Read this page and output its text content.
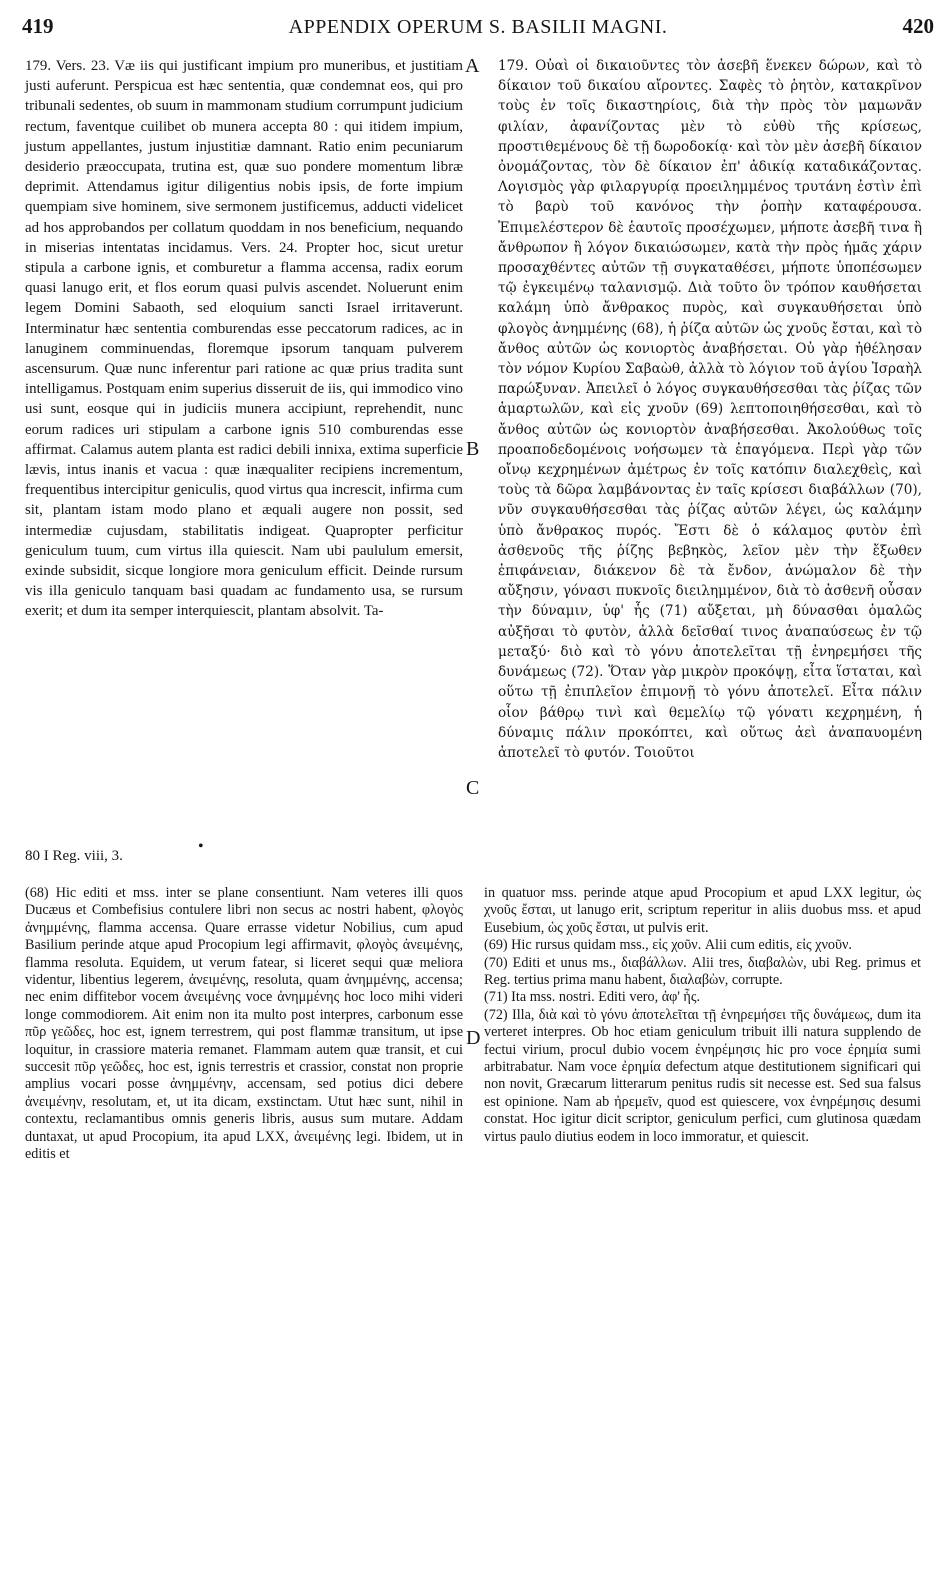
419	APPENDIX OPERUM S. BASILII MAGNI.	420

179. Vers. 23. Væ iis qui justificant impium pro muneribus, et justitiam justi auferunt. Perspicua est hæc sententia, quæ condemnat eos, qui pro tribunali sedentes, ob suum in mammonam studium corrumpunt judicium rectum, faventque cuilibet ob munera accepta 80 : qui itidem impium, justum appellantes, justum injustitiæ damnant. Ratio enim pecuniarum desiderio præoccupata, trutina est, quæ suo pondere momentum libræ deprimit. Attendamus igitur diligentius nobis ipsis, de forte impium quempiam sive hominem, sive sermonem justificemus, adducti videlicet ad hos approbandos per collatum quoddam in nos beneficium, nequando in miserias intentatas incidamus. Vers. 24. Propter hoc, sicut uretur stipula a carbone ignis, et comburetur a flamma accensa, radix eorum quasi lanugo erit, et flos eorum quasi pulvis ascendet. Noluerunt enim legem Domini Sabaoth, sed eloquium sancti Israel irritaverunt. Interminatur hæc sententia comburendas esse peccatorum radices, ac in lanuginem comminuendas, floremque ipsorum tanquam pulverem ascensurum. Quæ nunc inferentur pari ratione ac quæ prius tradita sunt intelligamus. Postquam enim superius disseruit de iis, qui immodico vino usi sunt, eosque qui in judiciis munera accipiunt, reprehendit, nunc eorum radices uri stipulam a carbone ignis 510 comburendas esse affirmat. Calamus autem planta est radici debili innixa, extima superficie lævis, intus inanis et vacua : quæ inæqualiter recipiens incrementum, frequentibus intercipitur geniculis, quod virtus qua increscit, infirma cum sit, plantam istam modo plano et æquali augere non possit, sed intermediæ cujusdam, stabilitatis indigeat. Quapropter perficitur geniculum tuum, cum virtus illa quiescit. Nam ubi paululum emersit, exinde subsidit, sicque longiore mora geniculum efficit. Deinde rursum vis illa geniculo tanquam basi quadam ac fundamento usa, se rursum exerit; et dum ita semper interquiescit, plantam absolvit. Ta-

179. Οὐαὶ οἱ δικαιοῦντες τὸν ἀσεβῆ ἕνεκεν δώρων, καὶ τὸ δίκαιον τοῦ δικαίου αἴροντες. Σαφὲς τὸ ῥητὸν, κατακρῖνον τοὺς ἐν τοῖς δικαστηρίοις, διὰ τὴν πρὸς τὸν μαμωνᾶν φιλίαν, ἀφανίζοντας μὲν τὸ εὐθὺ τῆς κρίσεως, προστιθεμένους δὲ τῇ δωροδοκίᾳ· καὶ τὸν μὲν ἀσεβῆ δίκαιον ὀνομάζοντας, τὸν δὲ δίκαιον ἐπ' ἀδικίᾳ καταδικάζοντας. Λογισμὸς γὰρ φιλαργυρίᾳ προειλημμένος τρυτάνη ἐστὶν ἐπὶ τὸ βαρὺ τοῦ κανόνος τὴν ῥοπὴν καταφέρουσα. Ἐπιμελέστερον δὲ ἑαυτοῖς προσέχωμεν, μήποτε ἀσεβῆ τινα ἢ ἄνθρωπον ἢ λόγον δικαιώσωμεν, κατὰ τὴν πρὸς ἡμᾶς χάριν προσαχθέντες αὐτῶν τῇ συγκαταθέσει, μήποτε ὑποπέσωμεν τῷ ἐγκειμένῳ ταλανισμῷ. Διὰ τοῦτο ὃν τρόπον καυθήσεται καλάμη ὑπὸ ἄνθρακος πυρὸς, καὶ συγκαυθήσεται ὑπὸ φλογὸς ἀνημμένης (68), ἡ ῥίζα αὐτῶν ὡς χνοῦς ἔσται, καὶ τὸ ἄνθος αὐτῶν ὡς κονιορτὸς ἀναβήσεται. Οὐ γὰρ ἠθέλησαν τὸν νόμον Κυρίου Σαβαὼθ, ἀλλὰ τὸ λόγιον τοῦ ἁγίου Ἰσραὴλ παρώξυναν. Ἀπειλεῖ ὁ λόγος συγκαυθήσεσθαι τὰς ῥίζας τῶν ἁμαρτωλῶν, καὶ εἰς χνοῦν (69) λεπτοποιηθήσεσθαι, καὶ τὸ ἄνθος αὐτῶν ὡς κονιορτὸν ἀναβήσεσθαι. Ἀκολούθως τοῖς προαποδεδομένοις νοήσωμεν τὰ ἐπαγόμενα. Περὶ γὰρ τῶν οἴνῳ κεχρημένων ἀμέτρως ἐν τοῖς κατόπιν διαλεχθεὶς, καὶ τοὺς τὰ δῶρα λαμβάνοντας ἐν ταῖς κρίσεσι διαβάλλων (70), νῦν συγκαυθήσεσθαι τὰς ῥίζας αὐτῶν λέγει, ὡς καλάμην ὑπὸ ἄνθρακος πυρός. Ἔστι δὲ ὁ κάλαμος φυτὸν ἐπὶ ἀσθενοῦς τῆς ῥίζης βεβηκὸς, λεῖον μὲν τὴν ἔξωθεν ἐπιφάνειαν, διάκενον δὲ τὰ ἔνδον, ἀνώμαλον δὲ τὴν αὔξησιν, γόνασι πυκνοῖς διειλημμένον, διὰ τὸ ἀσθενῆ οὖσαν τὴν δύναμιν, ὑφ' ἧς (71) αὔξεται, μὴ δύνασθαι ὁμαλῶς αὐξῆσαι τὸ φυτὸν, ἀλλὰ δεῖσθαί τινος ἀναπαύσεως ἐν τῷ μεταξύ· διὸ καὶ τὸ γόνυ ἀποτελεῖται τῇ ἐνηρεμήσει τῆς δυνάμεως (72). Ὅταν γὰρ μικρὸν προκόψῃ, εἶτα ἵσταται, καὶ οὕτω τῇ ἐπιπλεῖον ἐπιμονῇ τὸ γόνυ ἀποτελεῖ. Εἶτα πάλιν οἷον βάθρῳ τινὶ καὶ θεμελίῳ τῷ γόνατι κεχρημένη, ἡ δύναμις πάλιν προκόπτει, καὶ οὕτως ἀεὶ ἀναπαυομένη ἀποτελεῖ τὸ φυτόν. Τοιοῦτοι

A
B
C
D
80 I Reg. viii, 3.
•

(68) Hic editi et mss. inter se plane consentiunt. Nam veteres illi quos Ducæus et Combefisius contulere libri non secus ac nostri habent, φλογὸς ἀνημμένης, flamma accensa. Quare errasse videtur Nobilius, cum apud Basilium perinde atque apud Procopium legi affirmavit, φλογὸς ἀνειμένης, flamma resoluta. Equidem, ut verum fatear, si liceret sequi quæ meliora videntur, libentius legerem, ἀνειμένης, resoluta, quam ἀνημμένης, accensa; nec enim diffitebor vocem ἀνειμένης voce ἀνημμένης hoc loco mihi videri longe commodiorem. Ait enim non ita multo post interpres, carbonum esse πῦρ γεῶδες, hoc est, ignem terrestrem, qui post flammæ transitum, ut ipse loquitur, in crassiore materia remanet. Flammam autem quæ transit, et cui succesit πῦρ γεῶδες, hoc est, ignis terrestris et crassior, constat non proprie amplius vocari posse ἀνημμένην, accensam, sed potius dici debere ἀνειμένην, resolutam, et, ut ita dicam, exstinctam. Utut hæc sunt, nihil in contextu, reclamantibus omnis generis libris, ausus sum mutare. Addam duntaxat, ut apud Procopium, ita apud LXX, ἀνειμένης legi. Ibidem, ut in editis et

in quatuor mss. perinde atque apud Procopium et apud LXX legitur, ὡς χνοῦς ἔσται, ut lanugo erit, scriptum reperitur in aliis duobus mss. et apud Eusebium, ὡς χοῦς ἔσται, ut pulvis erit.

(69) Hic rursus quidam mss., εἰς χοῦν. Alii cum editis, εἰς χνοῦν.

(70) Editi et unus ms., διαβάλλων. Alii tres, διαβαλὼν, ubi Reg. primus et Reg. tertius prima manu habent, διαλαβὼν, corrupte.

(71) Ita mss. nostri. Editi vero, ἀφ' ἧς.

(72) Illa, διὰ καὶ τὸ γόνυ ἀποτελεῖται τῇ ἐνηρεμήσει τῆς δυνάμεως, dum ita verteret interpres. Ob hoc etiam geniculum tribuit illi natura supplendo de fectui virium, procul dubio vocem ἐνηρέμησις hic pro voce ἐρημία sumi arbitrabatur. Nam voce ἐρημία defectum atque destitutionem significari qui non novit, Græcarum litterarum penitus rudis sit necesse est. Sed sua falsus est opinione. Nam ab ἠρεμεῖν, quod est quiescere, vox ἐνηρέμησις desumi constat. Hoc igitur dicit scriptor, geniculum perfici, cum glutinosa quædam virtus paulo diutius eodem in loco immoratur, et quiescit.
